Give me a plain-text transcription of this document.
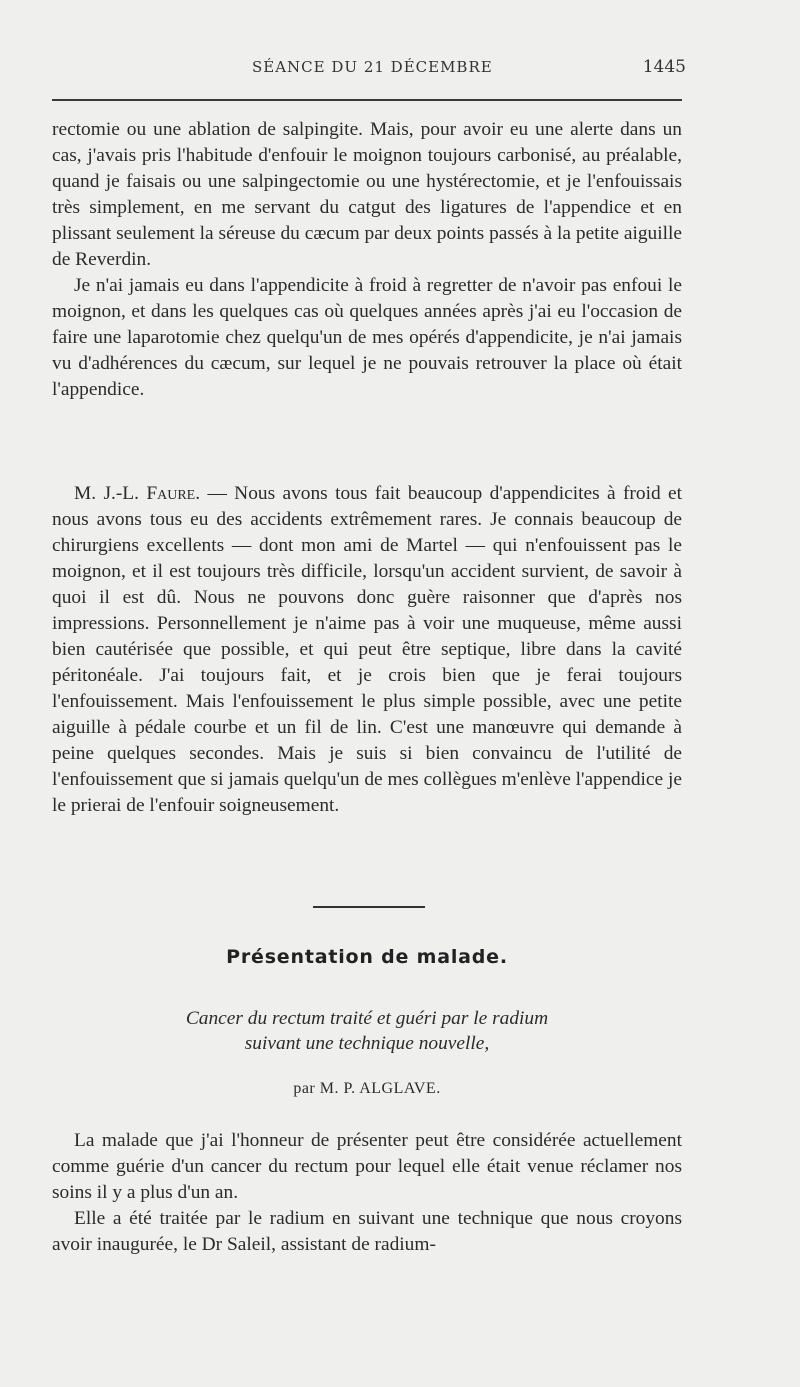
SÉANCE DU 21 DÉCEMBRE	1445

rectomie ou une ablation de salpingite. Mais, pour avoir eu une alerte dans un cas, j'avais pris l'habitude d'enfouir le moignon toujours carbonisé, au préalable, quand je faisais ou une salpingectomie ou une hystérectomie, et je l'enfouissais très simplement, en me servant du catgut des ligatures de l'appendice et en plissant seulement la séreuse du cæcum par deux points passés à la petite aiguille de Reverdin.

Je n'ai jamais eu dans l'appendicite à froid à regretter de n'avoir pas enfoui le moignon, et dans les quelques cas où quelques années après j'ai eu l'occasion de faire une laparotomie chez quelqu'un de mes opérés d'appendicite, je n'ai jamais vu d'adhérences du cæcum, sur lequel je ne pouvais retrouver la place où était l'appendice.

M. J.-L. Faure. — Nous avons tous fait beaucoup d'appendicites à froid et nous avons tous eu des accidents extrêmement rares. Je connais beaucoup de chirurgiens excellents — dont mon ami de Martel — qui n'enfouissent pas le moignon, et il est toujours très difficile, lorsqu'un accident survient, de savoir à quoi il est dû. Nous ne pouvons donc guère raisonner que d'après nos impressions. Personnellement je n'aime pas à voir une muqueuse, même aussi bien cautérisée que possible, et qui peut être septique, libre dans la cavité péritonéale. J'ai toujours fait, et je crois bien que je ferai toujours l'enfouissement. Mais l'enfouissement le plus simple possible, avec une petite aiguille à pédale courbe et un fil de lin. C'est une manœuvre qui demande à peine quelques secondes. Mais je suis si bien convaincu de l'utilité de l'enfouissement que si jamais quelqu'un de mes collègues m'enlève l'appendice je le prierai de l'enfouir soigneusement.

Présentation de malade.
Cancer du rectum traité et guéri par le radium
suivant une technique nouvelle,
par M. P. ALGLAVE.

La malade que j'ai l'honneur de présenter peut être considérée actuellement comme guérie d'un cancer du rectum pour lequel elle était venue réclamer nos soins il y a plus d'un an.

Elle a été traitée par le radium en suivant une technique que nous croyons avoir inaugurée, le Dr Saleil, assistant de radium-
